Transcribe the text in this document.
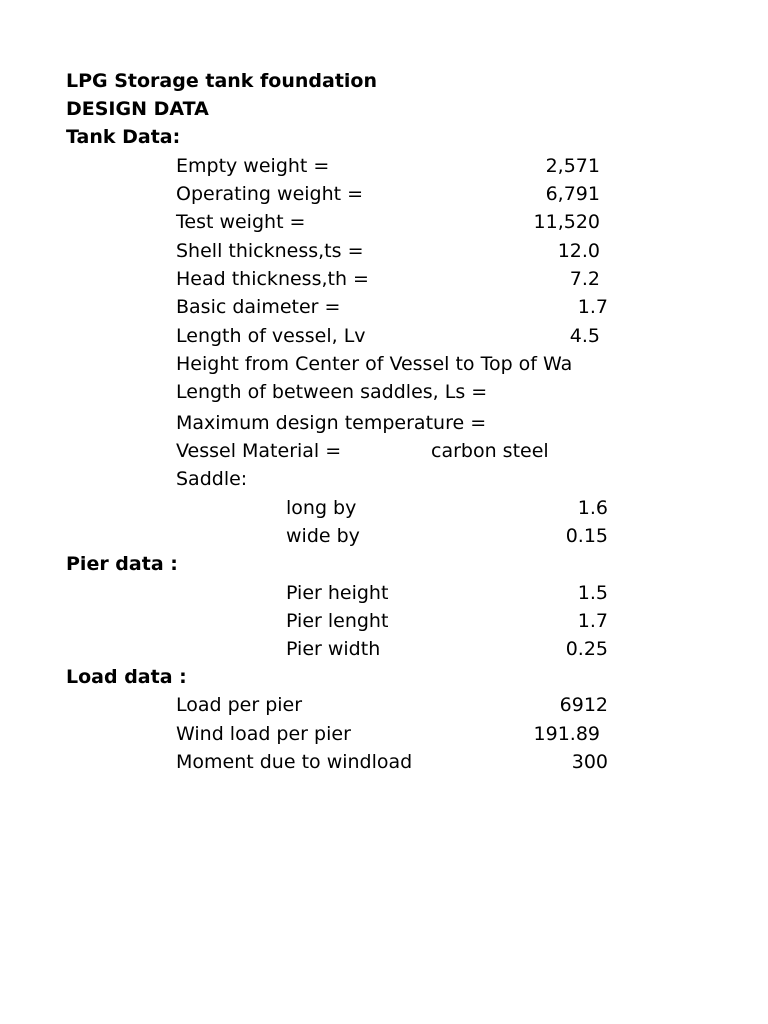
LPG Storage tank foundation
DESIGN DATA
Tank Data:
Empty weight =	2,571
Operating weight =	6,791
Test weight =	11,520
Shell thickness,ts =	12.0
Head thickness,th =	7.2
Basic daimeter =	1.7
Length of vessel, Lv	4.5
Height from Center of Vessel to Top of Wa
Length of between saddles, Ls =
Maximum design temperature =
Vessel Material =	carbon steel
Saddle:
long by	1.6
wide by	0.15
Pier data :
Pier height	1.5
Pier lenght	1.7
Pier width	0.25
Load data :
Load per pier	6912
Wind load per pier	191.89
Moment due to windload	300
